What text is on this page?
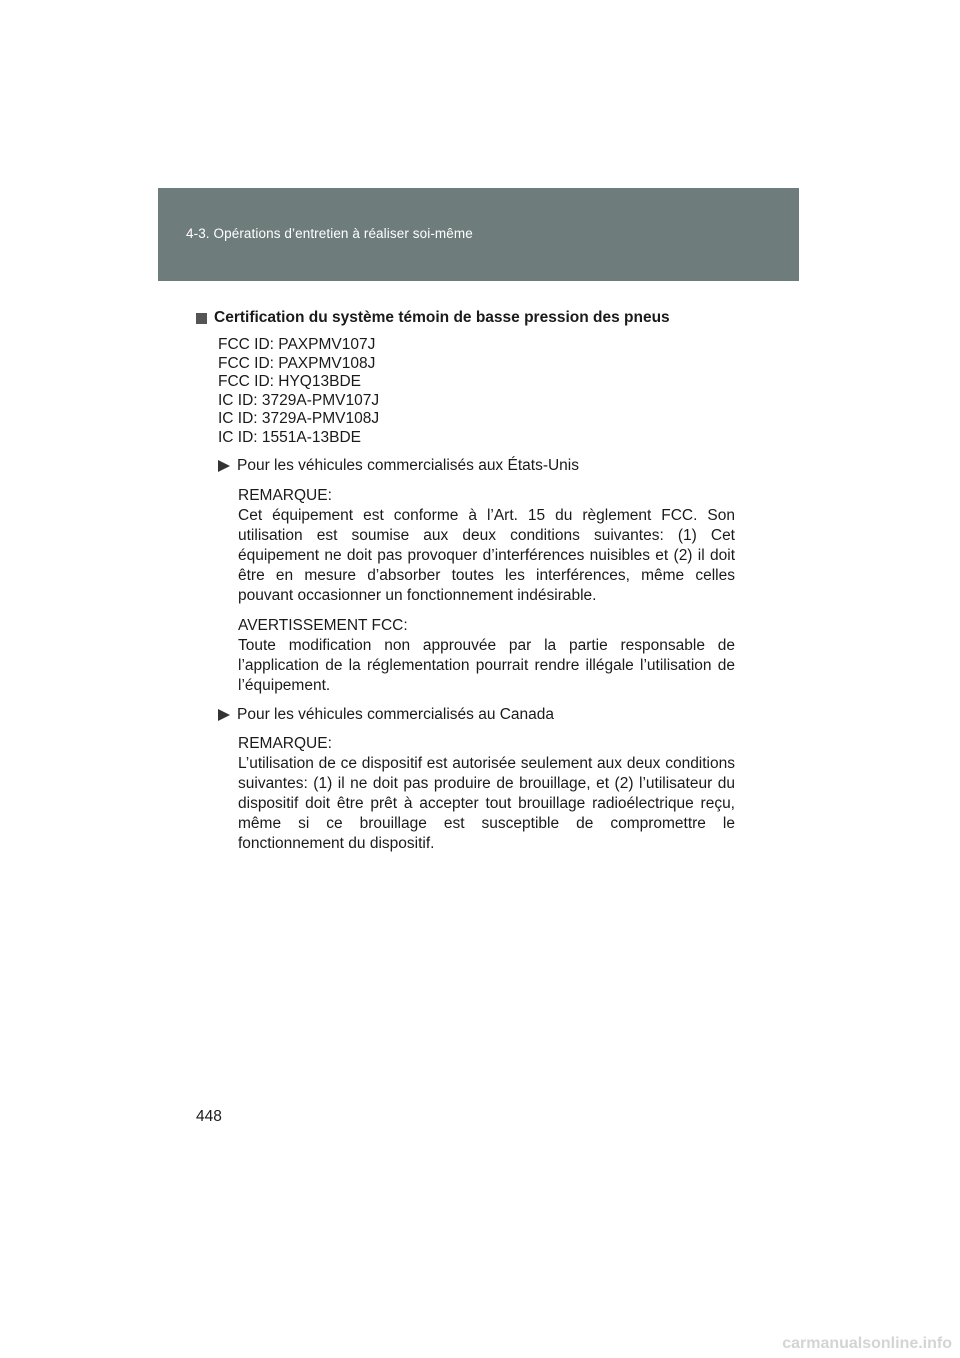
4-3. Opérations d’entretien à réaliser soi-même
Certification du système témoin de basse pression des pneus
FCC ID: PAXPMV107J
FCC ID: PAXPMV108J
FCC ID: HYQ13BDE
IC ID: 3729A-PMV107J
IC ID: 3729A-PMV108J
IC ID: 1551A-13BDE
Pour les véhicules commercialisés aux États-Unis
REMARQUE:
Cet équipement est conforme à l’Art. 15 du règlement FCC. Son utilisation est soumise aux deux conditions suivantes: (1) Cet équipement ne doit pas provoquer d’interférences nuisibles et (2) il doit être en mesure d’absorber toutes les interférences, même celles pouvant occasionner un fonctionnement indésirable.
AVERTISSEMENT FCC:
Toute modification non approuvée par la partie responsable de l’application de la réglementation pourrait rendre illégale l’utilisation de l’équipement.
Pour les véhicules commercialisés au Canada
REMARQUE:
L’utilisation de ce dispositif est autorisée seulement aux deux conditions suivantes: (1) il ne doit pas produire de brouillage, et (2) l’utilisateur du dispositif doit être prêt à accepter tout brouillage radioélectrique reçu, même si ce brouillage est susceptible de compromettre le fonctionnement du dispositif.
448
carmanualsonline.info
